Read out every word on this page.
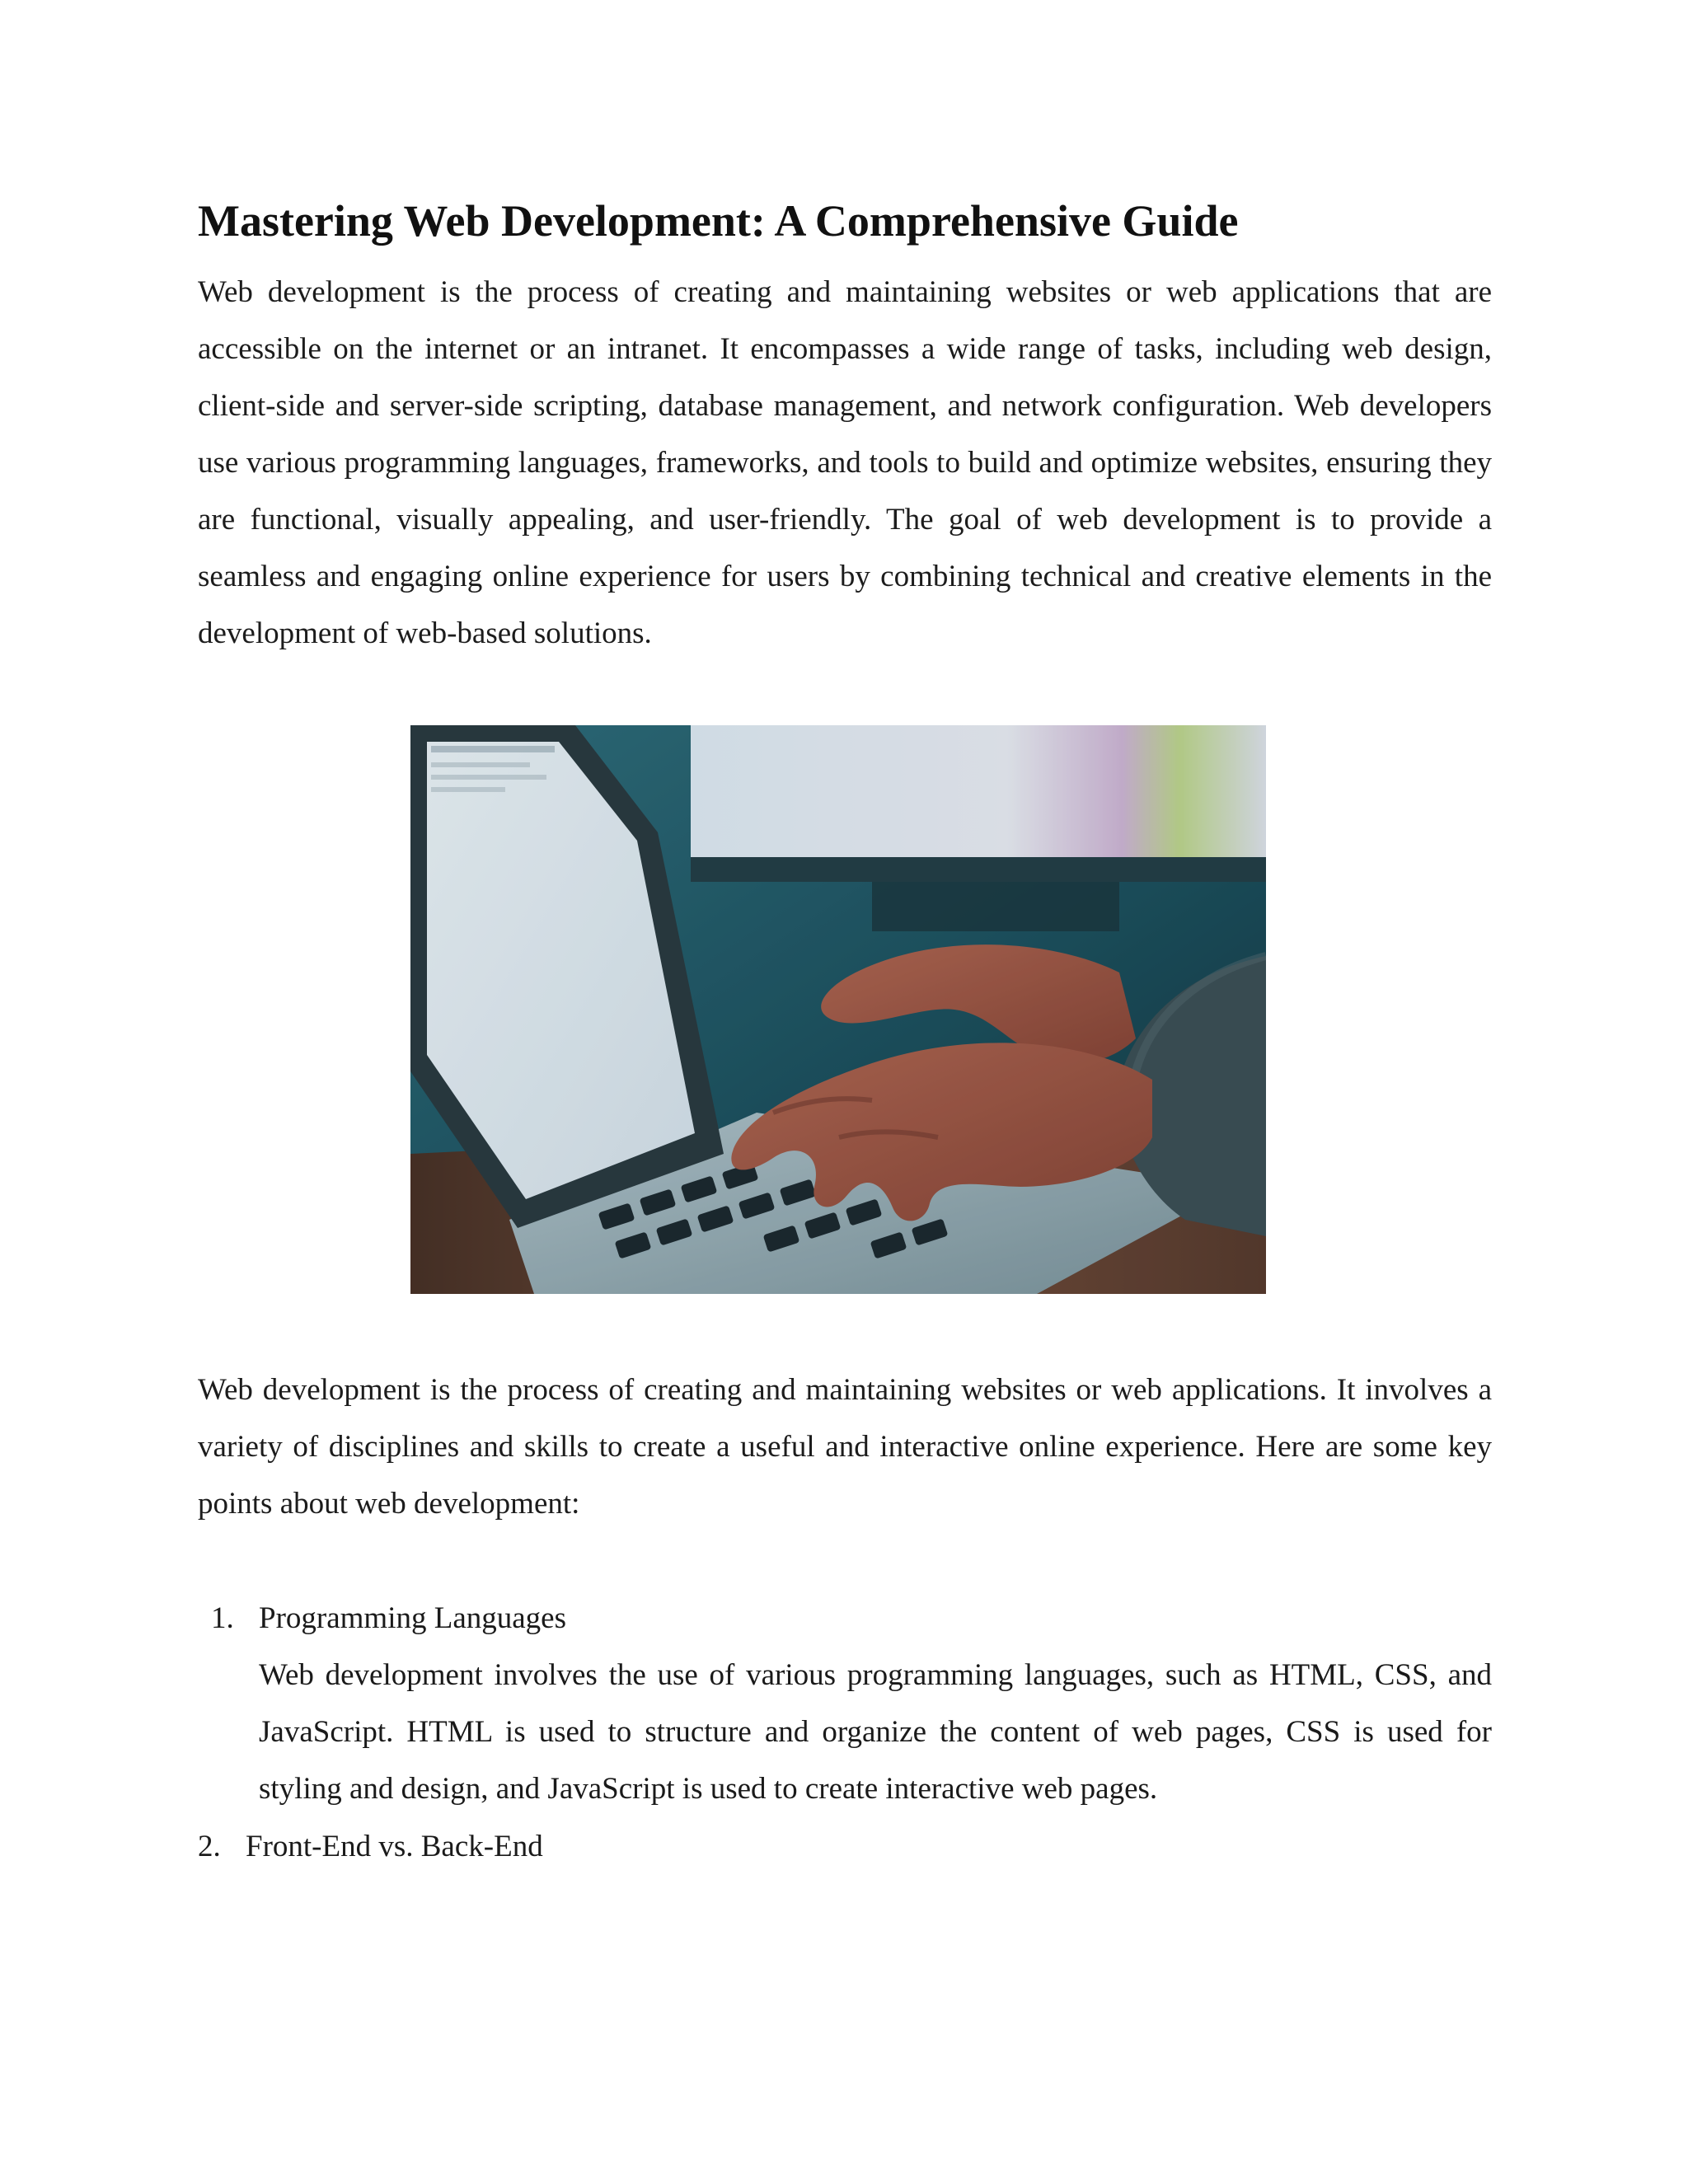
Mastering Web Development: A Comprehensive Guide

Web development is the process of creating and maintaining websites or web applications that are accessible on the internet or an intranet. It encompasses a wide range of tasks, including web design, client-side and server-side scripting, database management, and network configuration. Web developers use various programming languages, frameworks, and tools to build and optimize websites, ensuring they are functional, visually appealing, and user-friendly. The goal of web development is to provide a seamless and engaging online experience for users by combining technical and creative elements in the development of web-based solutions.

Web development is the process of creating and maintaining websites or web applications. It involves a variety of disciplines and skills to create a useful and interactive online experience. Here are some key points about web development:

1. Programming Languages

Web development involves the use of various programming languages, such as HTML, CSS, and JavaScript. HTML is used to structure and organize the content of web pages, CSS is used for styling and design, and JavaScript is used to create interactive web pages.

2. Front-End vs. Back-End
